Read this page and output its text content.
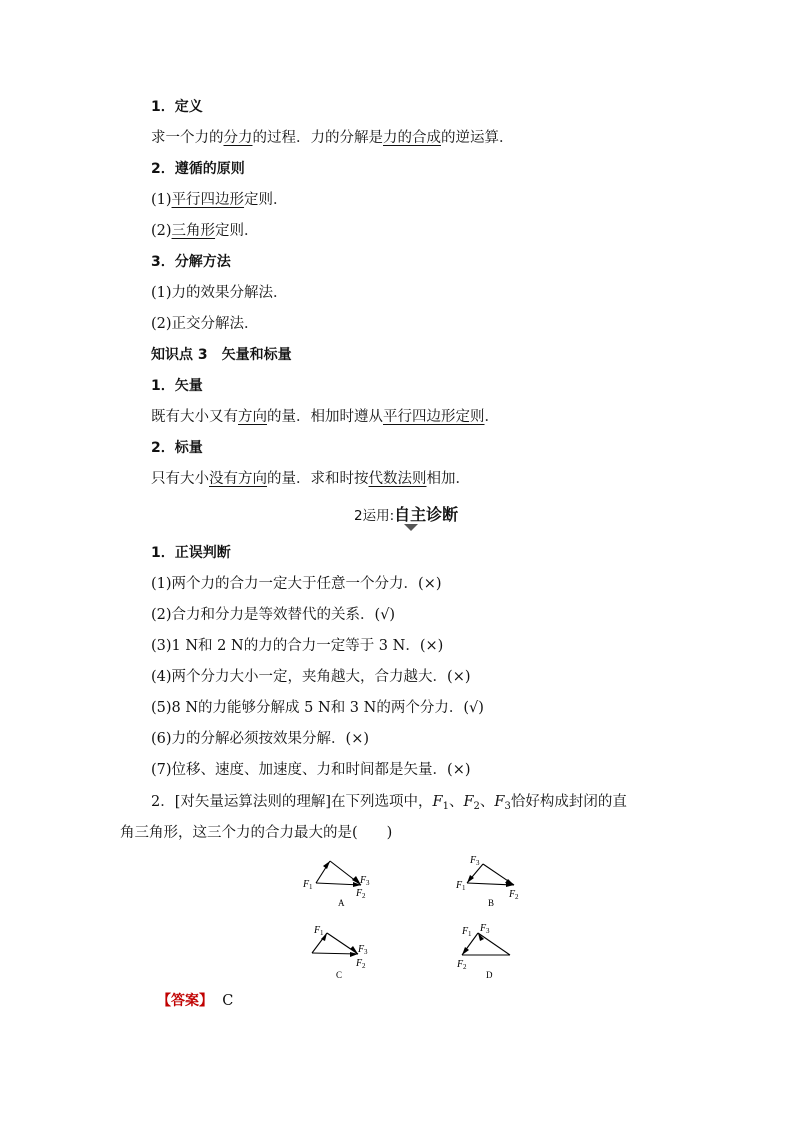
1．定义
求一个力的分力的过程．力的分解是力的合成的逆运算．
2．遵循的原则
(1)平行四边形定则．
(2)三角形定则．
3．分解方法
(1)力的效果分解法．
(2)正交分解法．
知识点 3　矢量和标量
1．矢量
既有大小又有方向的量．相加时遵从平行四边形定则．
2．标量
只有大小没有方向的量．求和时按代数法则相加．
2运用:自主诊断
1．正误判断
(1)两个力的合力一定大于任意一个分力．(×)
(2)合力和分力是等效替代的关系．(√)
(3)1 N和 2 N的力的合力一定等于 3 N．(×)
(4)两个分力大小一定，夹角越大，合力越大．(×)
(5)8 N的力能够分解成 5 N和 3 N的两个分力．(√)
(6)力的分解必须按效果分解．(×)
(7)位移、速度、加速度、力和时间都是矢量．(×)
2．[对矢量运算法则的理解]在下列选项中，$F_1$、$F_2$、$F_3$恰好构成封闭的直
角三角形，这三个力的合力最大的是(　　)
F 1
F 3
F 2
A
F 3
F 1
F 2
B
F 1
F 3
F 2
C
F 1 F 3
F 2
D
【答案】 C
